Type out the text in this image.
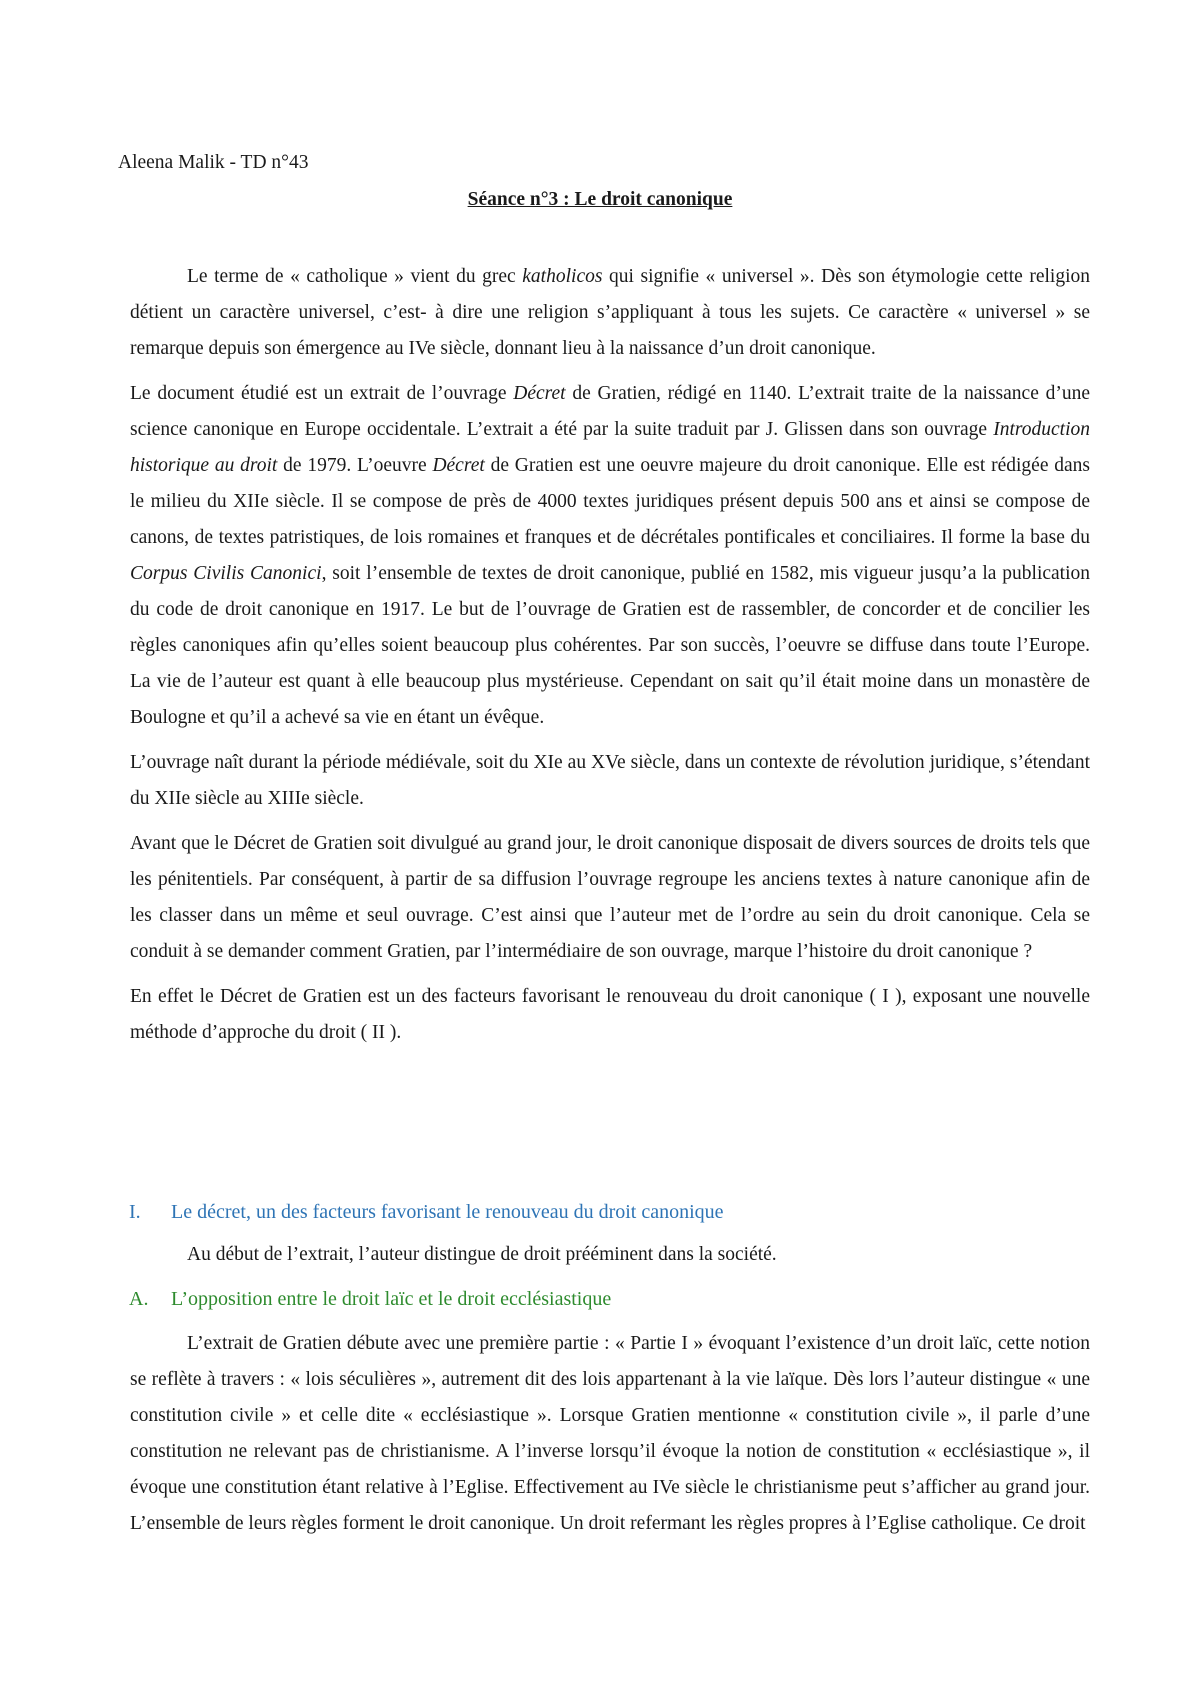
Aleena Malik - TD n°43
Séance n°3 : Le droit canonique

Le terme de « catholique » vient du grec katholicos qui signifie « universel ». Dès son étymologie cette religion détient un caractère universel, c’est- à dire une religion s’appliquant à tous les sujets. Ce caractère « universel » se remarque depuis son émergence au IVe siècle, donnant lieu à la naissance d’un droit canonique.

Le document étudié est un extrait de l’ouvrage Décret de Gratien, rédigé en 1140. L’extrait traite de la naissance d’une science canonique en Europe occidentale. L’extrait a été par la suite traduit par J. Glissen dans son ouvrage Introduction historique au droit de 1979. L’oeuvre Décret de Gratien est une oeuvre majeure du droit canonique. Elle est rédigée dans le milieu du XIIe siècle. Il se compose de près de 4000 textes juridiques présent depuis 500 ans et ainsi se compose de canons, de textes patristiques, de lois romaines et franques et de décrétales pontificales et conciliaires. Il forme la base du Corpus Civilis Canonici, soit l’ensemble de textes de droit canonique, publié en 1582, mis vigueur jusqu’a la publication du code de droit canonique en 1917. Le but de l’ouvrage de Gratien est de rassembler, de concorder et de concilier les règles canoniques afin qu’elles soient beaucoup plus cohérentes. Par son succès, l’oeuvre se diffuse dans toute l’Europe. La vie de l’auteur est quant à elle beaucoup plus mystérieuse. Cependant on sait qu’il était moine dans un monastère de Boulogne et qu’il a achevé sa vie en étant un évêque.

L’ouvrage naît durant la période médiévale, soit du XIe au XVe siècle, dans un contexte de révolution juridique, s’étendant du XIIe siècle au XIIIe siècle.

Avant que le Décret de Gratien soit divulgué au grand jour, le droit canonique disposait de divers sources de droits tels que les pénitentiels. Par conséquent, à partir de sa diffusion l’ouvrage regroupe les anciens textes à nature canonique afin de les classer dans un même et seul ouvrage. C’est ainsi que l’auteur met de l’ordre au sein du droit canonique. Cela se conduit à se demander comment Gratien, par l’intermédiaire de son ouvrage, marque l’histoire du droit canonique ?

En effet le Décret de Gratien est un des facteurs favorisant le renouveau du droit canonique ( I ), exposant une nouvelle méthode d’approche du droit ( II ).

I. Le décret, un des facteurs favorisant le renouveau du droit canonique
Au début de l’extrait, l’auteur distingue de droit prééminent dans la société.
A. L’opposition entre le droit laïc et le droit ecclésiastique

L’extrait de Gratien débute avec une première partie : « Partie I » évoquant l’existence d’un droit laïc, cette notion se reflète à travers : « lois séculières », autrement dit des lois appartenant à la vie laïque. Dès lors l’auteur distingue « une constitution civile » et celle dite « ecclésiastique ». Lorsque Gratien mentionne « constitution civile », il parle d’une constitution ne relevant pas de christianisme. A l’inverse lorsqu’il évoque la notion de constitution « ecclésiastique », il évoque une constitution étant relative à l’Eglise. Effectivement au IVe siècle le christianisme peut s’afficher au grand jour. L’ensemble de leurs règles forment le droit canonique. Un droit refermant les règles propres à l’Eglise catholique. Ce droit
